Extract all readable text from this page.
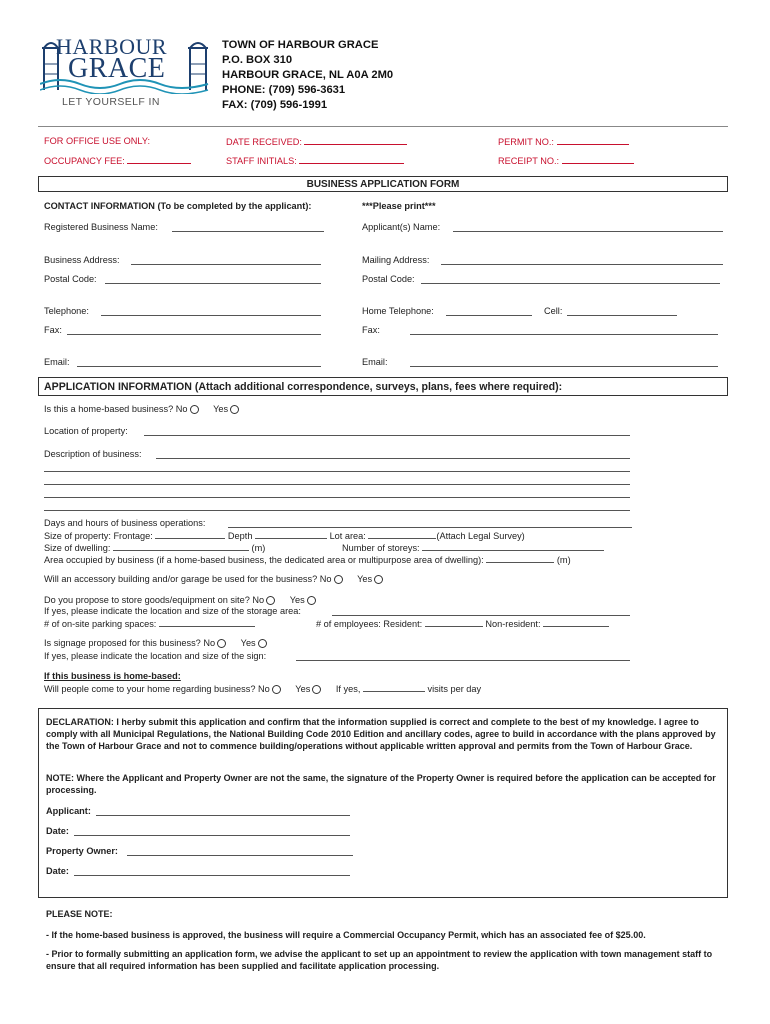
HARBOUR
GRACE
LET YOURSELF IN
TOWN OF HARBOUR GRACE
P.O. BOX 310
HARBOUR GRACE, NL A0A 2M0
PHONE: (709) 596-3631
FAX: (709) 596-1991
FOR OFFICE USE ONLY:	DATE RECEIVED:	PERMIT NO.:
OCCUPANCY FEE:	STAFF INITIALS:	RECEIPT NO.:
BUSINESS APPLICATION FORM
CONTACT INFORMATION (To be completed by the applicant):	***Please print***
Registered Business Name:	Applicant(s) Name:
Business Address:	Mailing Address:
Postal Code:	Postal Code:
Telephone:	Home Telephone:	Cell:
Fax:	Fax:
Email:	Email:
APPLICATION INFORMATION (Attach additional correspondence, surveys, plans, fees where required):
Is this a home-based business? No	Yes
Location of property:
Description of business:
Days and hours of business operations:
Size of property: Frontage:	Depth	Lot area:	(Attach Legal Survey)
Size of dwelling:	(m)	Number of storeys:
Area occupied by business (if a home-based business, the dedicated area or multipurpose area of dwelling):	(m)
Will an accessory building and/or garage be used for the business? No	Yes
Do you propose to store goods/equipment on site? No	Yes
If yes, please indicate the location and size of the storage area:
# of on-site parking spaces:	# of employees: Resident:	Non-resident:
Is signage proposed for this business? No	Yes
If yes, please indicate the location and size of the sign:
If this business is home-based:
Will people come to your home regarding business? No	Yes	If yes,	visits per day
DECLARATION: I herby submit this application and confirm that the information supplied is correct and complete to the best of my knowledge. I agree to comply with all Municipal Regulations, the National Building Code 2010 Edition and ancillary codes, agree to build in accordance with the plans approved by the Town of Harbour Grace and not to commence building/operations without applicable written approval and permits from the Town of Harbour Grace.
NOTE: Where the Applicant and Property Owner are not the same, the signature of the Property Owner is required before the application can be accepted for processing.
Applicant:
Date:
Property Owner:
Date:
PLEASE NOTE:
- If the home-based business is approved, the business will require a Commercial Occupancy Permit, which has an associated fee of $25.00.
- Prior to formally submitting an application form, we advise the applicant to set up an appointment to review the application with town management staff to ensure that all required information has been supplied and facilitate application processing.
